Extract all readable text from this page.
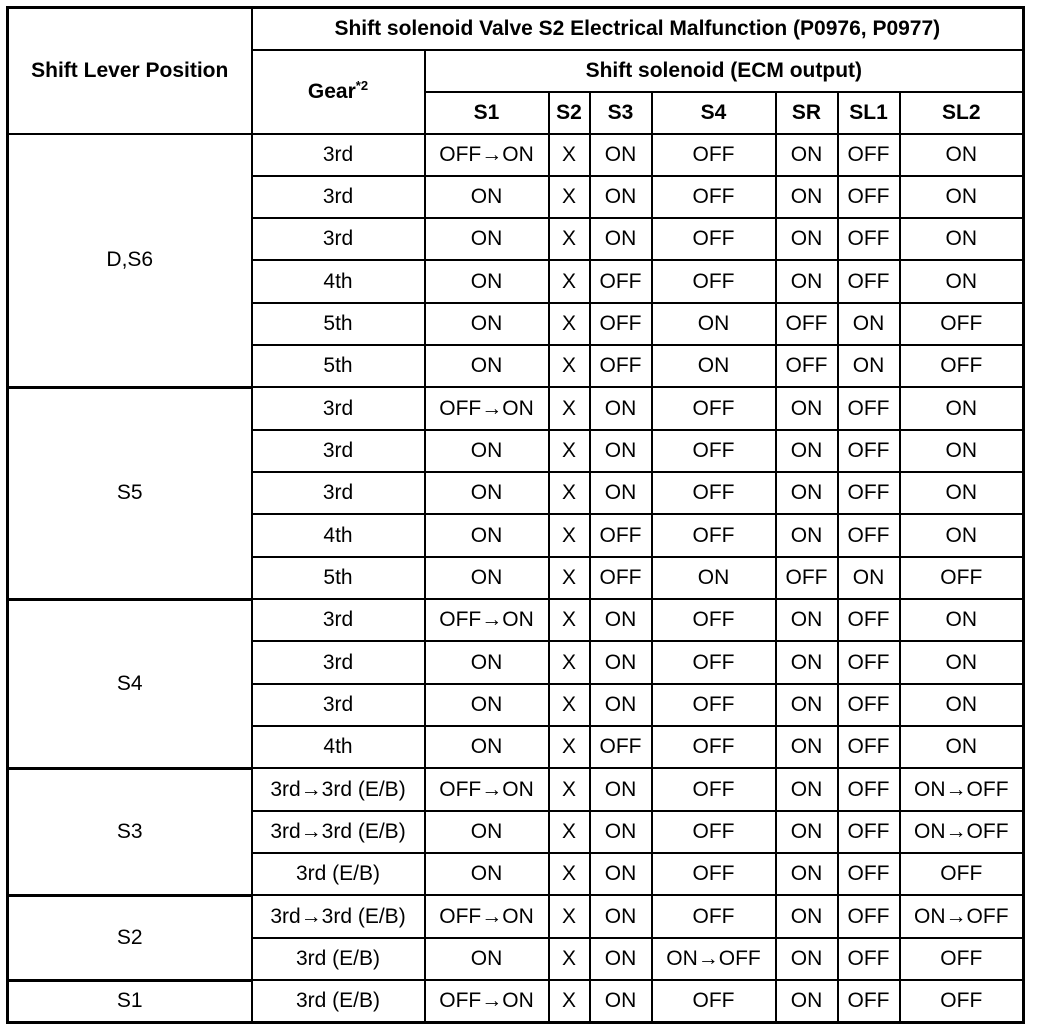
Shift Lever Position	Shift solenoid Valve S2 Electrical Malfunction (P0976, P0977)							
	Gear$^{*2}$	Shift solenoid (ECM output)						
		S1	S2	S3	S4	SR	SL1	SL2
D,S6	3rd	OFF→ON	X	ON	OFF	ON	OFF	ON
	3rd	ON	X	ON	OFF	ON	OFF	ON
	3rd	ON	X	ON	OFF	ON	OFF	ON
	4th	ON	X	OFF	OFF	ON	OFF	ON
	5th	ON	X	OFF	ON	OFF	ON	OFF
	5th	ON	X	OFF	ON	OFF	ON	OFF
S5	3rd	OFF→ON	X	ON	OFF	ON	OFF	ON
	3rd	ON	X	ON	OFF	ON	OFF	ON
	3rd	ON	X	ON	OFF	ON	OFF	ON
	4th	ON	X	OFF	OFF	ON	OFF	ON
	5th	ON	X	OFF	ON	OFF	ON	OFF
S4	3rd	OFF→ON	X	ON	OFF	ON	OFF	ON
	3rd	ON	X	ON	OFF	ON	OFF	ON
	3rd	ON	X	ON	OFF	ON	OFF	ON
	4th	ON	X	OFF	OFF	ON	OFF	ON
S3	3rd→3rd (E/B)	OFF→ON	X	ON	OFF	ON	OFF	ON→OFF
	3rd→3rd (E/B)	ON	X	ON	OFF	ON	OFF	ON→OFF
	3rd (E/B)	ON	X	ON	OFF	ON	OFF	OFF
S2	3rd→3rd (E/B)	OFF→ON	X	ON	OFF	ON	OFF	ON→OFF
	3rd (E/B)	ON	X	ON	ON→OFF	ON	OFF	OFF
S1	3rd (E/B)	OFF→ON	X	ON	OFF	ON	OFF	OFF
